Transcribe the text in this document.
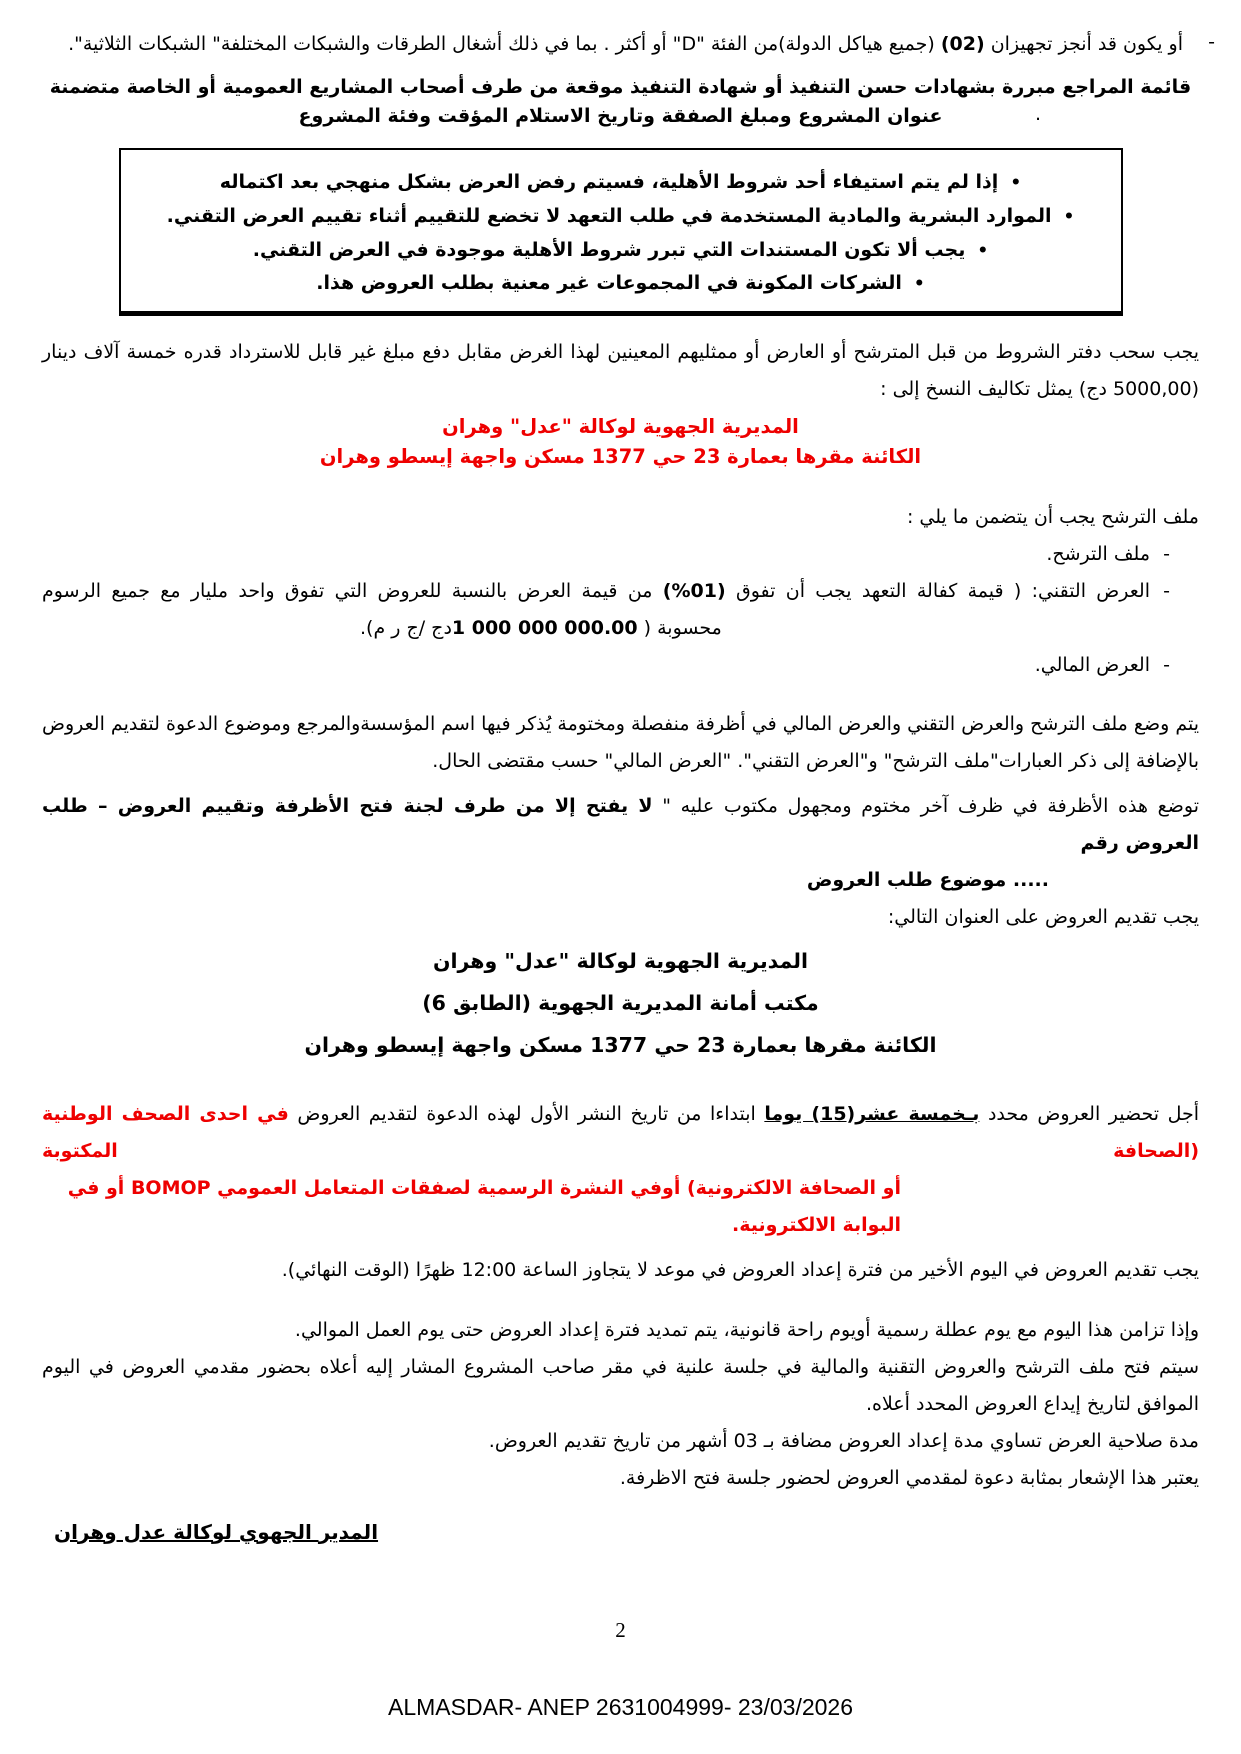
-
أو يكون قد أنجز تجهيزان (02) (جميع هياكل الدولة)من الفئة "D" أو أكثر . بما في ذلك أشغال الطرقات والشبكات المختلفة" الشبكات الثلاثية".
.
قائمة المراجع مبررة بشهادات حسن التنفيذ أو شهادة التنفيذ موقعة من طرف أصحاب المشاريع العمومية أو الخاصة متضمنة عنوان المشروع ومبلغ الصفقة وتاريخ الاستلام المؤقت وفئة المشروع
•إذا لم يتم استيفاء أحد شروط الأهلية، فسيتم رفض العرض بشكل منهجي بعد اكتماله
•الموارد البشرية والمادية المستخدمة في طلب التعهد لا تخضع للتقييم أثناء تقييم العرض التقني.
•يجب ألا تكون المستندات التي تبرر شروط الأهلية موجودة في العرض التقني.
•الشركات المكونة في المجموعات غير معنية بطلب العروض هذا.
يجب سحب دفتر الشروط من قبل المترشح أو العارض أو ممثليهم المعينين لهذا الغرض مقابل دفع مبلغ غير قابل للاسترداد قدره خمسة آلاف دينار (5000,00 دج) يمثل تكاليف النسخ إلى :
المديرية الجهوية لوكالة "عدل" وهران
الكائنة مقرها بعمارة 23 حي 1377 مسكن واجهة إيسطو وهران
ملف الترشح يجب أن يتضمن ما يلي :
-
ملف الترشح.
-
العرض التقني: ( قيمة كفالة التعهد يجب أن تفوق (01%) من قيمة العرض بالنسبة للعروض التي تفوق واحد مليار مع جميع الرسوم
محسوبة ( 1 000 000 000.00دج /ج ر م).
-
العرض المالي.
يتم وضع ملف الترشح والعرض التقني والعرض المالي في أظرفة منفصلة ومختومة يُذكر فيها اسم المؤسسةوالمرجع وموضوع الدعوة لتقديم العروض بالإضافة إلى ذكر العبارات"ملف الترشح" و"العرض التقني". "العرض المالي" حسب مقتضى الحال.
توضع هذه الأظرفة في ظرف آخر مختوم ومجهول مكتوب عليه " لا يفتح إلا من طرف لجنة فتح الأظرفة وتقييم العروض – طلب العروض رقم
..... موضوع طلب العروض
يجب تقديم العروض على العنوان التالي:
المديرية الجهوية لوكالة "عدل" وهران
مكتب أمانة المديرية الجهوية (الطابق 6)
الكائنة مقرها بعمارة 23 حي 1377 مسكن واجهة إيسطو وهران
أجل تحضير العروض محدد بـخمسة عشر(15) يوما ابتداءا من تاريخ النشر الأول لهذه الدعوة لتقديم العروض في احدى الصحف الوطنية (الصحافة المكتوبة
أو الصحافة الالكترونية) أوفي النشرة الرسمية لصفقات المتعامل العمومي BOMOP أو في البوابة الالكترونية.
يجب تقديم العروض في اليوم الأخير من فترة إعداد العروض في موعد لا يتجاوز الساعة 12:00 ظهرًا (الوقت النهائي).
وإذا تزامن هذا اليوم مع يوم عطلة رسمية أويوم راحة قانونية، يتم تمديد فترة إعداد العروض حتى يوم العمل الموالي.
سيتم فتح ملف الترشح والعروض التقنية والمالية في جلسة علنية في مقر صاحب المشروع المشار إليه أعلاه بحضور مقدمي العروض في اليوم الموافق لتاريخ إيداع العروض المحدد أعلاه.
مدة صلاحية العرض تساوي مدة إعداد العروض مضافة بـ 03 أشهر من تاريخ تقديم العروض.
يعتبر هذا الإشعار بمثابة دعوة لمقدمي العروض لحضور جلسة فتح الاظرفة.
المدير الجهوي لوكالة عدل وهران
2
ALMASDAR- ANEP 2631004999- 23/03/2026
